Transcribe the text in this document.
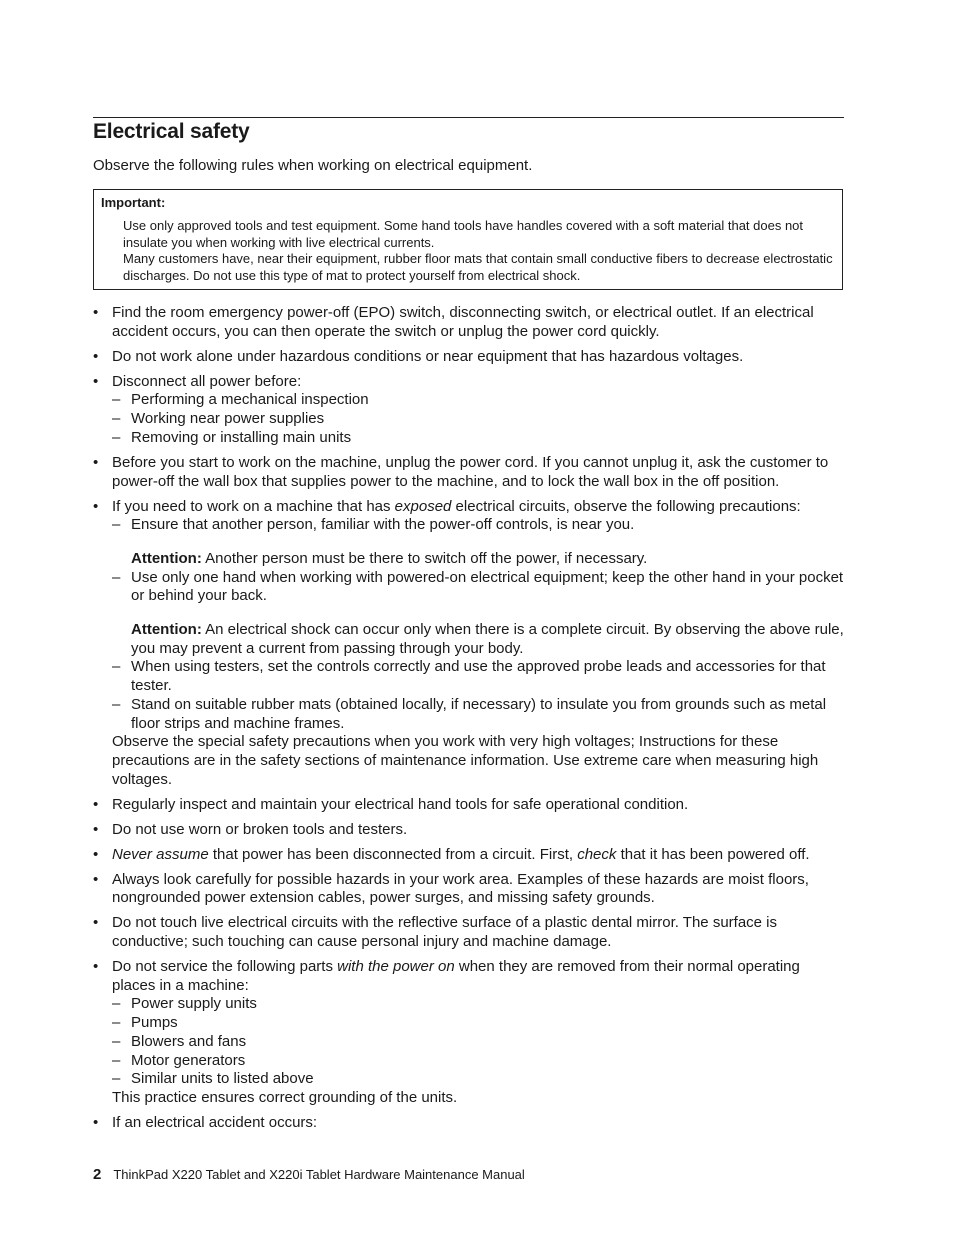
Electrical safety

Observe the following rules when working on electrical equipment.

Important:

Use only approved tools and test equipment. Some hand tools have handles covered with a soft material that does not insulate you when working with live electrical currents.

Many customers have, near their equipment, rubber floor mats that contain small conductive fibers to decrease electrostatic discharges. Do not use this type of mat to protect yourself from electrical shock.

• Find the room emergency power-off (EPO) switch, disconnecting switch, or electrical outlet. If an electrical accident occurs, you can then operate the switch or unplug the power cord quickly.
• Do not work alone under hazardous conditions or near equipment that has hazardous voltages.
• Disconnect all power before:
– Performing a mechanical inspection
– Working near power supplies
– Removing or installing main units
• Before you start to work on the machine, unplug the power cord. If you cannot unplug it, ask the customer to power-off the wall box that supplies power to the machine, and to lock the wall box in the off position.
• If you need to work on a machine that has exposed electrical circuits, observe the following precautions:
– Ensure that another person, familiar with the power-off controls, is near you.

Attention: Another person must be there to switch off the power, if necessary.

– Use only one hand when working with powered-on electrical equipment; keep the other hand in your pocket or behind your back.

Attention: An electrical shock can occur only when there is a complete circuit. By observing the above rule, you may prevent a current from passing through your body.

– When using testers, set the controls correctly and use the approved probe leads and accessories for that tester.
– Stand on suitable rubber mats (obtained locally, if necessary) to insulate you from grounds such as metal floor strips and machine frames.

Observe the special safety precautions when you work with very high voltages; Instructions for these precautions are in the safety sections of maintenance information. Use extreme care when measuring high voltages.

• Regularly inspect and maintain your electrical hand tools for safe operational condition.
• Do not use worn or broken tools and testers.
• Never assume that power has been disconnected from a circuit. First, check that it has been powered off.
• Always look carefully for possible hazards in your work area. Examples of these hazards are moist floors, nongrounded power extension cables, power surges, and missing safety grounds.
• Do not touch live electrical circuits with the reflective surface of a plastic dental mirror. The surface is conductive; such touching can cause personal injury and machine damage.
• Do not service the following parts with the power on when they are removed from their normal operating places in a machine:
– Power supply units
– Pumps
– Blowers and fans
– Motor generators
– Similar units to listed above

This practice ensures correct grounding of the units.

• If an electrical accident occurs:
2 ThinkPad X220 Tablet and X220i Tablet Hardware Maintenance Manual
